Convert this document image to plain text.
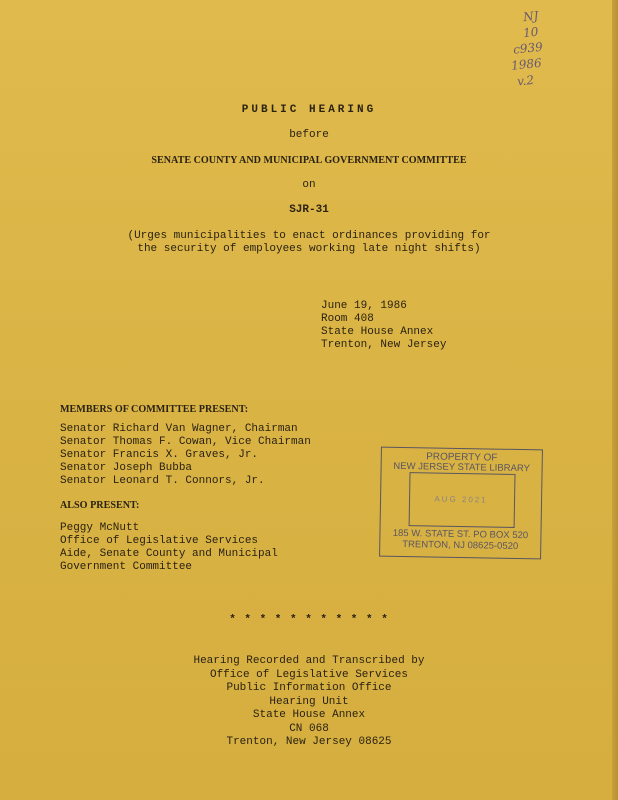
NJ
10
c939
1986
v.2
PUBLIC HEARING
before
SENATE COUNTY AND MUNICIPAL GOVERNMENT COMMITTEE
on
SJR-31
(Urges municipalities to enact ordinances providing for
the security of employees working late night shifts)
June 19, 1986
Room 408
State House Annex
Trenton, New Jersey
MEMBERS OF COMMITTEE PRESENT:
Senator Richard Van Wagner, Chairman
Senator Thomas F. Cowan, Vice Chairman
Senator Francis X. Graves, Jr.
Senator Joseph Bubba
Senator Leonard T. Connors, Jr.
ALSO PRESENT:
Peggy McNutt
Office of Legislative Services
Aide, Senate County and Municipal
Government Committee
PROPERTY OF
NEW JERSEY STATE LIBRARY
AUG 2021
185 W. STATE ST. PO BOX 520
TRENTON, NJ 08625-0520
* * * * * * * * * * *
Hearing Recorded and Transcribed by
Office of Legislative Services
Public Information Office
Hearing Unit
State House Annex
CN 068
Trenton, New Jersey 08625
